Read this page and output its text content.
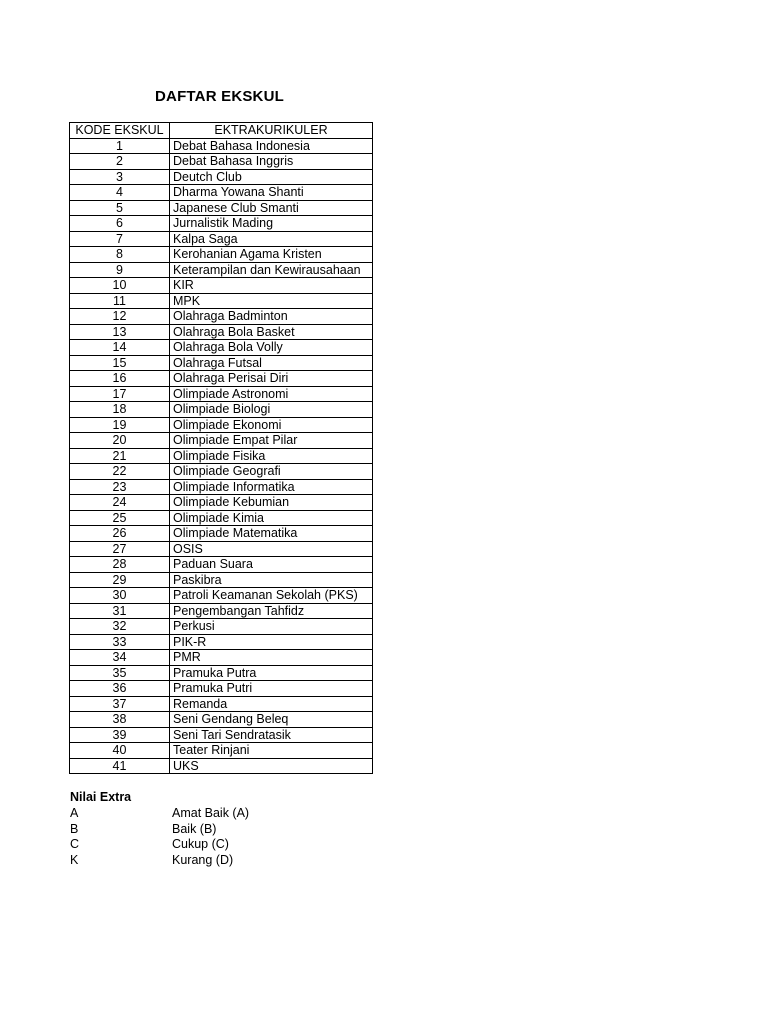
DAFTAR EKSKUL
KODE EKSKUL	EKTRAKURIKULER
1	Debat Bahasa Indonesia
2	Debat Bahasa Inggris
3	Deutch Club
4	Dharma Yowana Shanti
5	Japanese Club Smanti
6	Jurnalistik Mading
7	Kalpa Saga
8	Kerohanian Agama Kristen
9	Keterampilan dan Kewirausahaan
10	KIR
11	MPK
12	Olahraga Badminton
13	Olahraga Bola Basket
14	Olahraga Bola Volly
15	Olahraga Futsal
16	Olahraga Perisai Diri
17	Olimpiade Astronomi
18	Olimpiade Biologi
19	Olimpiade Ekonomi
20	Olimpiade Empat Pilar
21	Olimpiade Fisika
22	Olimpiade Geografi
23	Olimpiade Informatika
24	Olimpiade Kebumian
25	Olimpiade Kimia
26	Olimpiade Matematika
27	OSIS
28	Paduan Suara
29	Paskibra
30	Patroli Keamanan Sekolah (PKS)
31	Pengembangan Tahfidz
32	Perkusi
33	PIK-R
34	PMR
35	Pramuka Putra
36	Pramuka Putri
37	Remanda
38	Seni Gendang Beleq
39	Seni Tari Sendratasik
40	Teater Rinjani
41	UKS
Nilai Extra
A	Amat Baik (A)
B	Baik (B)
C	Cukup (C)
K	Kurang (D)
